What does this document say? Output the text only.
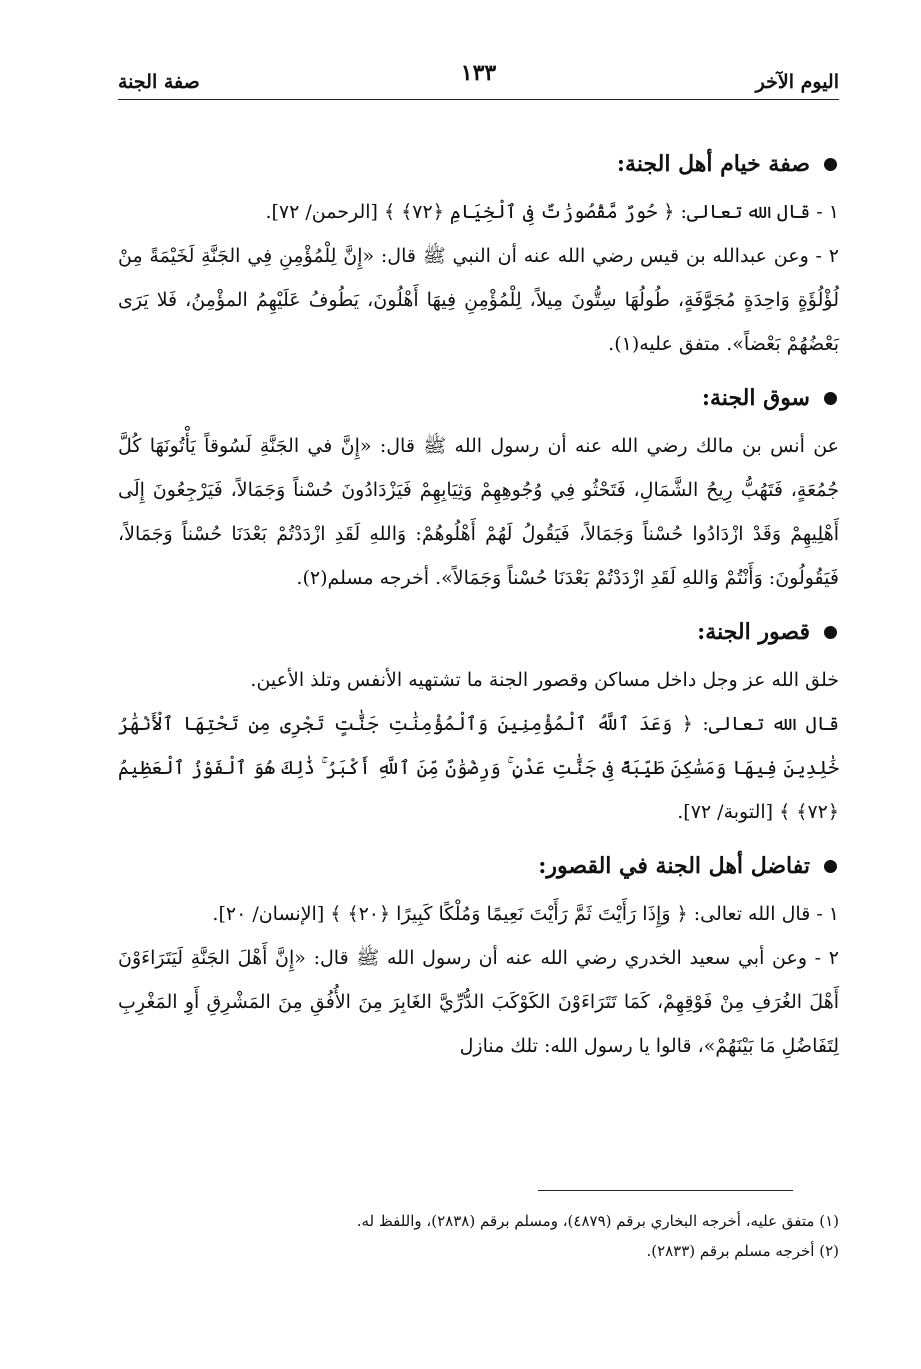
اليوم الآخر
١٣٣
صفة الجنة
صفة خيام أهل الجنة:

١ - قال الله تعالى: ﴿ حُورٌ مَّقْصُورَٰتٌ فِى ٱلْخِيَامِ ﴿٧٢﴾ ﴾ [الرحمن/ ٧٢].

٢ - وعن عبدالله بن قيس رضي الله عنه أن النبي ﷺ قال: «إِنَّ لِلْمُؤْمِنِ فِي الجَنَّةِ لَخَيْمَةً مِنْ لُؤْلُؤَةٍ وَاحِدَةٍ مُجَوَّفَةٍ، طُولُهَا سِتُّونَ مِيلاً، لِلْمُؤْمِنِ فِيهَا أَهْلُونَ، يَطُوفُ عَلَيْهِمُ المؤْمِنُ، فَلا يَرَى بَعْضُهُمْ بَعْضاً». متفق عليه(١).

سوق الجنة:

عن أنس بن مالك رضي الله عنه أن رسول الله ﷺ قال: «إِنَّ في الجَنَّةِ لَسُوقاً يَأْتُونَهَا كُلَّ جُمُعَةٍ، فَتَهُبُّ رِيحُ الشَّمَالِ، فَتَحْثُو فِي وُجُوهِهِمْ وَثِيَابِهِمْ فَيَزْدَادُونَ حُسْناً وَجَمَالاً، فَيَرْجِعُونَ إِلَى أَهْلِيهِمْ وَقَدْ ازْدَادُوا حُسْناً وَجَمَالاً، فَيَقُولُ لَهُمْ أَهْلُوهُمْ: وَاللهِ لَقَدِ ازْدَدْتُمْ بَعْدَنَا حُسْناً وَجَمَالاً، فَيَقُولُونَ: وَأَنْتُمْ وَاللهِ لَقَدِ ازْدَدْتُمْ بَعْدَنَا حُسْناً وَجَمَالاً». أخرجه مسلم(٢).

قصور الجنة:

خلق الله عز وجل داخل مساكن وقصور الجنة ما تشتهيه الأنفس وتلذ الأعين.

قال الله تعالى: ﴿ وَعَدَ ٱللَّهُ ٱلْمُؤْمِنِينَ وَٱلْمُؤْمِنَٰتِ جَنَّٰتٍ تَجْرِى مِن تَحْتِهَا ٱلْأَنْهَٰرُ خَٰلِدِينَ فِيهَا وَمَسَٰكِنَ طَيِّبَةً فِى جَنَّٰتِ عَدْنٍ ۚ وَرِضْوَٰنٌ مِّنَ ٱللَّهِ أَكْبَرُ ۚ ذَٰلِكَ هُوَ ٱلْفَوْزُ ٱلْعَظِيمُ ﴿٧٢﴾ ﴾ [التوبة/ ٧٢].

تفاضل أهل الجنة في القصور:

١ - قال الله تعالى: ﴿ وَإِذَا رَأَيْتَ ثَمَّ رَأَيْتَ نَعِيمًا وَمُلْكًا كَبِيرًا ﴿٢٠﴾ ﴾ [الإنسان/ ٢٠].

٢ - وعن أبي سعيد الخدري رضي الله عنه أن رسول الله ﷺ قال: «إِنَّ أَهْلَ الجَنَّةِ لَيَتَرَاءَوْنَ أَهْلَ الغُرَفِ مِنْ فَوْقِهِمْ، كَمَا تَتَرَاءَوْنَ الكَوْكَبَ الدُّرِّيَّ الغَابِرَ مِنَ الأُفُقِ مِنَ المَشْرِقِ أَوِ المَغْرِبِ لِتَفَاضُلِ مَا بَيْنَهُمْ»، قالوا يا رسول الله: تلك منازل

(١) متفق عليه، أخرجه البخاري برقم (٤٨٧٩)، ومسلم برقم (٢٨٣٨)، واللفظ له.

(٢) أخرجه مسلم برقم (٢٨٣٣).
